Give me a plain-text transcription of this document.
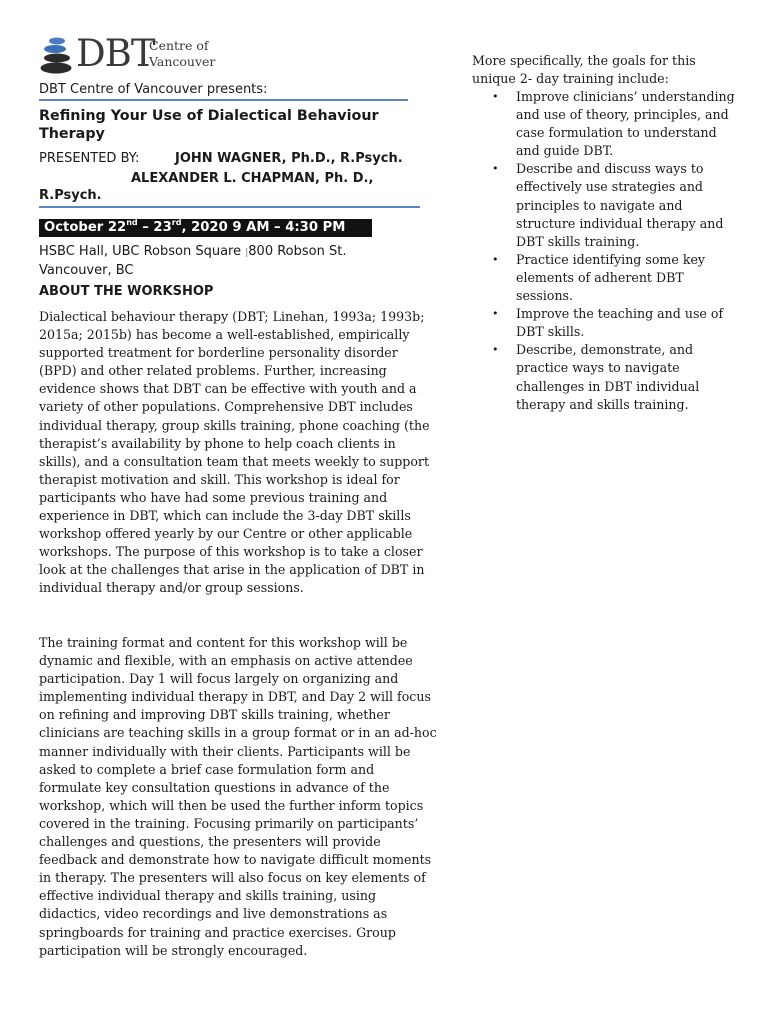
DBT
Centre of
Vancouver
DBT Centre of Vancouver presents:
Refining Your Use of Dialectical Behaviour Therapy
PRESENTED BY:	JOHN WAGNER, Ph.D., R.Psych.
ALEXANDER L. CHAPMAN, Ph. D.,
R.Psych.
October 22nd – 23rd, 2020 9 AM – 4:30 PM
HSBC Hall, UBC Robson Square |800 Robson St.
Vancouver, BC
ABOUT THE WORKSHOP

Dialectical behaviour therapy (DBT; Linehan, 1993a; 1993b; 2015a; 2015b) has become a well-established, empirically supported treatment for borderline personality disorder (BPD) and other related problems. Further, increasing evidence shows that DBT can be effective with youth and a variety of other populations. Comprehensive DBT includes individual therapy, group skills training, phone coaching (the therapist’s availability by phone to help coach clients in skills), and a consultation team that meets weekly to support therapist motivation and skill. This workshop is ideal for participants who have had some previous training and experience in DBT, which can include the 3-day DBT skills workshop offered yearly by our Centre or other applicable workshops. The purpose of this workshop is to take a closer look at the challenges that arise in the application of DBT in individual therapy and/or group sessions.

The training format and content for this workshop will be dynamic and flexible, with an emphasis on active attendee participation. Day 1 will focus largely on organizing and implementing individual therapy in DBT, and Day 2 will focus on refining and improving DBT skills training, whether clinicians are teaching skills in a group format or in an ad-hoc manner individually with their clients. Participants will be asked to complete a brief case formulation form and formulate key consultation questions in advance of the workshop, which will then be used the further inform topics covered in the training. Focusing primarily on participants’ challenges and questions, the presenters will provide feedback and demonstrate how to navigate difficult moments in therapy. The presenters will also focus on key elements of effective individual therapy and skills training, using didactics, video recordings and live demonstrations as springboards for training and practice exercises. Group participation will be strongly encouraged.

More specifically, the goals for this unique 2- day training include:

• Improve clinicians’ understanding and use of theory, principles, and case formulation to understand and guide DBT.
• Describe and discuss ways to effectively use strategies and principles to navigate and structure individual therapy and DBT skills training.
• Practice identifying some key elements of adherent DBT sessions.
• Improve the teaching and use of DBT skills.
• Describe, demonstrate, and practice ways to navigate challenges in DBT individual therapy and skills training.
